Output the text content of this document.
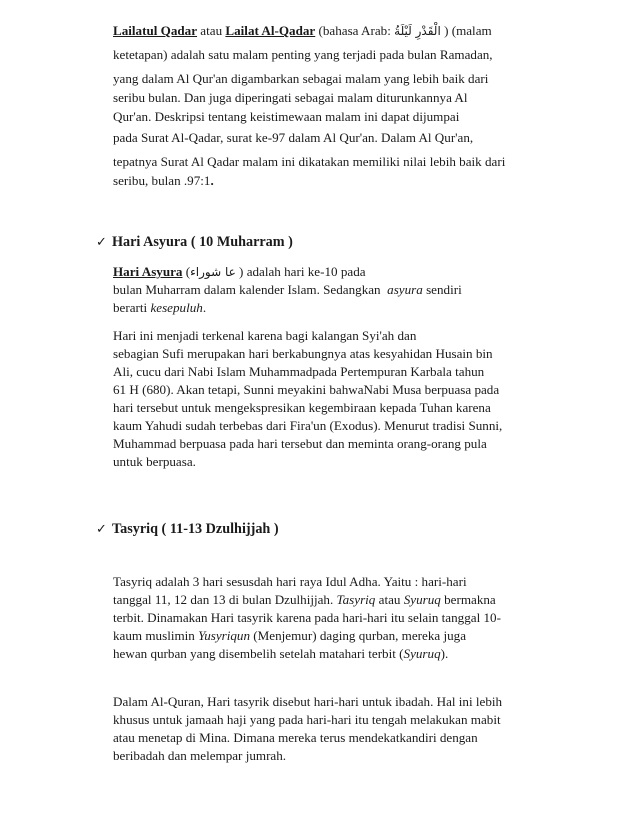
Lailatul Qadar atau Lailat Al-Qadar (bahasa Arab: الْقَدْرِ لَيْلَةُ ) (malam
ketetapan) adalah satu malam penting yang terjadi pada bulan Ramadan,
yang dalam Al Qur'an digambarkan sebagai malam yang lebih baik dari
seribu bulan. Dan juga diperingati sebagai malam diturunkannya Al
Qur'an. Deskripsi tentang keistimewaan malam ini dapat dijumpai
pada Surat Al-Qadar, surat ke-97 dalam Al Qur'an. Dalam Al Qur'an,
tepatnya Surat Al Qadar malam ini dikatakan memiliki nilai lebih baik dari
seribu, bulan .97:1.
✓ Hari Asyura ( 10 Muharram )
Hari Asyura (عا شوراء ) adalah hari ke-10 pada
bulan Muharram dalam kalender Islam. Sedangkan asyura sendiri
berarti kesepuluh.
Hari ini menjadi terkenal karena bagi kalangan Syi'ah dan
sebagian Sufi merupakan hari berkabungnya atas kesyahidan Husain bin
Ali, cucu dari Nabi Islam Muhammadpada Pertempuran Karbala tahun
61 H (680). Akan tetapi, Sunni meyakini bahwaNabi Musa berpuasa pada
hari tersebut untuk mengekspresikan kegembiraan kepada Tuhan karena
kaum Yahudi sudah terbebas dari Fira'un (Exodus). Menurut tradisi Sunni,
Muhammad berpuasa pada hari tersebut dan meminta orang-orang pula
untuk berpuasa.
✓ Tasyriq ( 11-13 Dzulhijjah )
Tasyriq adalah 3 hari sesusdah hari raya Idul Adha. Yaitu : hari-hari
tanggal 11, 12 dan 13 di bulan Dzulhijjah. Tasyriq atau Syuruq bermakna
terbit. Dinamakan Hari tasyrik karena pada hari-hari itu selain tanggal 10-
kaum muslimin Yusyriqun (Menjemur) daging qurban, mereka juga
hewan qurban yang disembelih setelah matahari terbit (Syuruq).
Dalam Al-Quran, Hari tasyrik disebut hari-hari untuk ibadah. Hal ini lebih
khusus untuk jamaah haji yang pada hari-hari itu tengah melakukan mabit
atau menetap di Mina. Dimana mereka terus mendekatkandiri dengan
beribadah dan melempar jumrah.
